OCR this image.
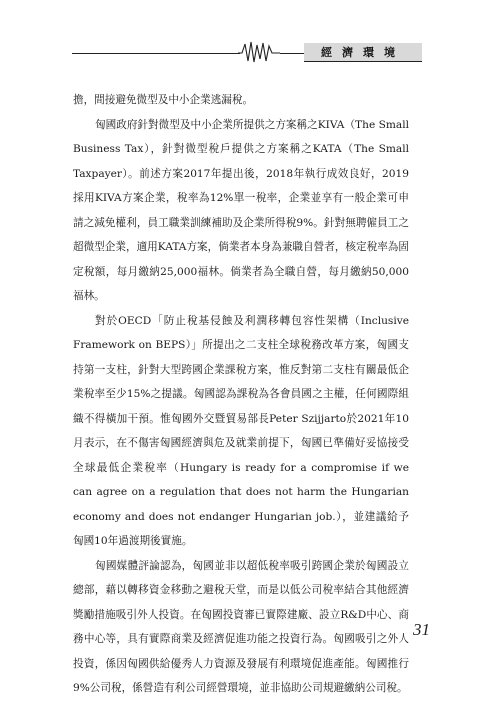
經濟環境

擔，間接避免微型及中小企業逃漏稅。

匈國政府針對微型及中小企業所提供之方案稱之KIVA（The Small Business Tax），針對微型稅戶提供之方案稱之KATA（The Small Taxpayer）。前述方案2017年提出後，2018年執行成效良好，2019採用KIVA方案企業，稅率為12%單一稅率，企業並享有一般企業可申請之減免權利，員工職業訓練補助及企業所得稅9%。針對無聘僱員工之超微型企業，適用KATA方案，倘業者本身為兼職自營者，核定稅率為固定稅額，每月繳納25,000福林。倘業者為全職自營，每月繳納50,000福林。

對於OECD「防止稅基侵蝕及利潤移轉包容性架構（Inclusive Framework on BEPS）」所提出之二支柱全球稅務改革方案，匈國支持第一支柱，針對大型跨國企業課稅方案，惟反對第二支柱有關最低企業稅率至少15%之提議。匈國認為課稅為各會員國之主權，任何國際組織不得橫加干預。惟匈國外交暨貿易部長Peter Szijjarto於2021年10月表示，在不傷害匈國經濟與危及就業前提下，匈國已準備好妥協接受全球最低企業稅率（Hungary is ready for a compromise if we can agree on a regulation that does not harm the Hungarian economy and does not endanger Hungarian job.），並建議給予匈國10年過渡期後實施。

匈國媒體評論認為，匈國並非以超低稅率吸引跨國企業於匈國設立總部，藉以轉移資金移動之避稅天堂，而是以低公司稅率結合其他經濟獎勵措施吸引外人投資。在匈國投資審已實際建廠、設立R&D中心、商務中心等，具有實際商業及經濟促進功能之投資行為。匈國吸引之外人投資，係因匈國供給優秀人力資源及發展有利環境促進產能。匈國推行9%公司稅，係營造有利公司經營環境，並非協助公司規避繳納公司稅。

31
